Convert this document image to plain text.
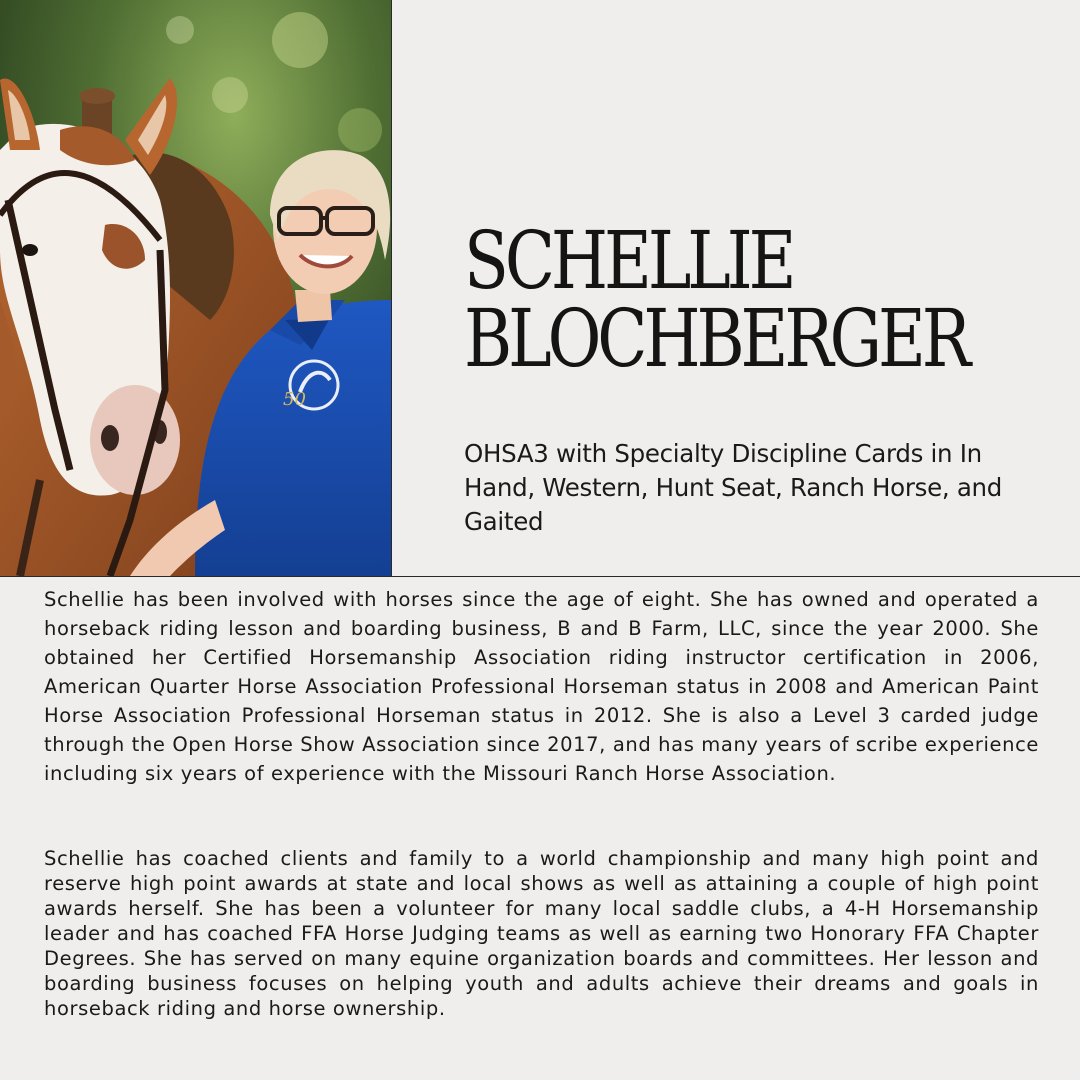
50
SCHELLIE
BLOCHBERGER

OHSA3 with Specialty Discipline Cards in In Hand, Western, Hunt Seat, Ranch Horse, and Gaited

Schellie has been involved with horses since the age of eight. She has owned and operated a horseback riding lesson and boarding business, B and B Farm, LLC, since the year 2000. She obtained her Certified Horsemanship Association riding instructor certification in 2006, American Quarter Horse Association Professional Horseman status in 2008 and American Paint Horse Association Professional Horseman status in 2012. She is also a Level 3 carded judge through the Open Horse Show Association since 2017, and has many years of scribe experience including six years of experience with the Missouri Ranch Horse Association.

Schellie has coached clients and family to a world championship and many high point and reserve high point awards at state and local shows as well as attaining a couple of high point awards herself. She has been a volunteer for many local saddle clubs, a 4-H Horsemanship leader and has coached FFA Horse Judging teams as well as earning two Honorary FFA Chapter Degrees. She has served on many equine organization boards and committees. Her lesson and boarding business focuses on helping youth and adults achieve their dreams and goals in horseback riding and horse ownership.
